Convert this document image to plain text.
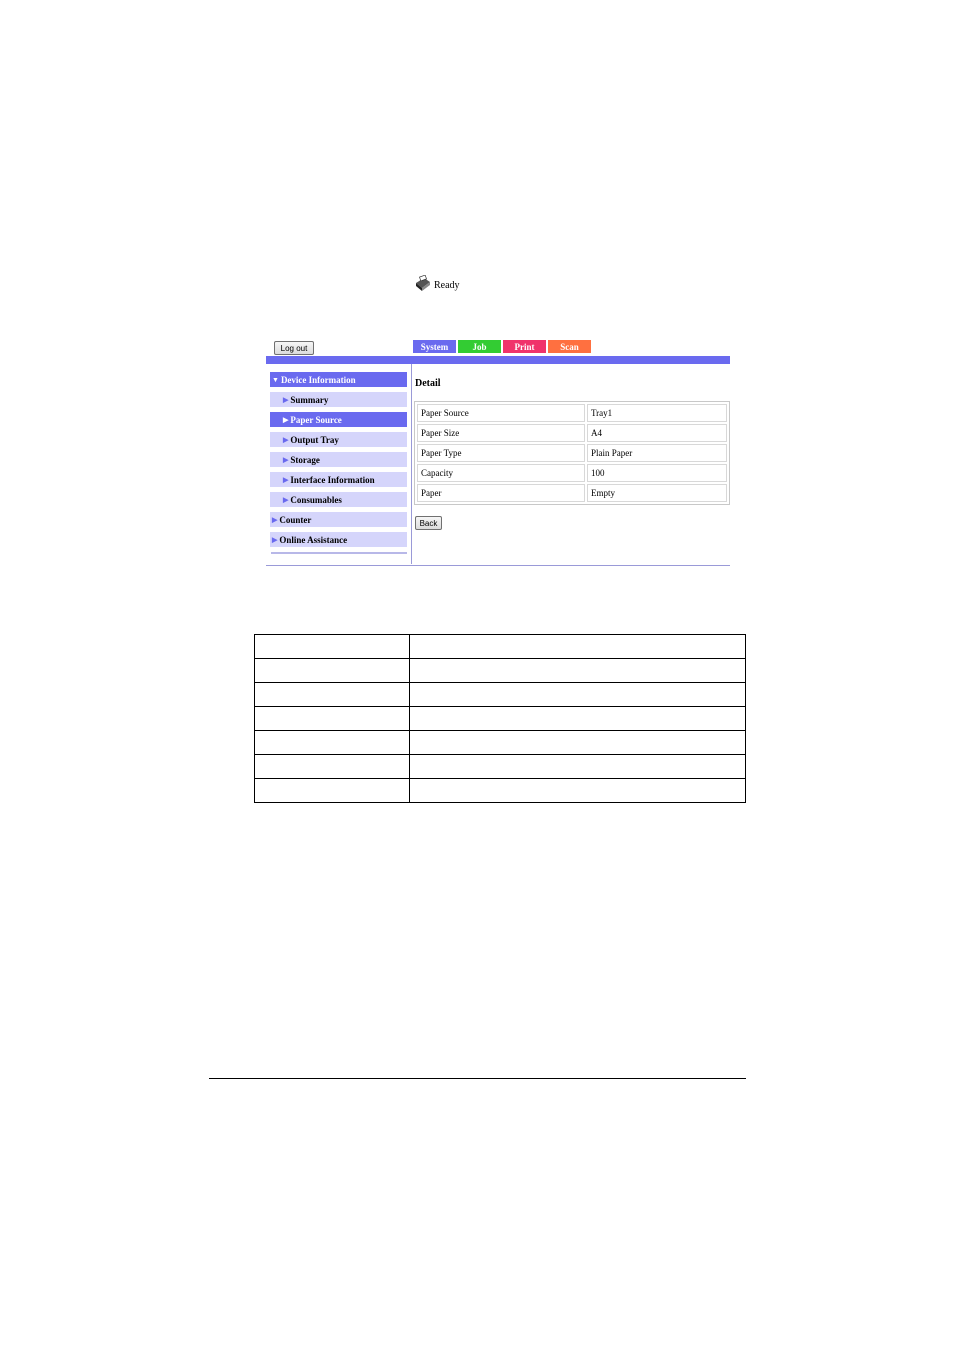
Ready
Log out	System	Job	Print	Scan
▼ Device Information
▶ Summary
▶ Paper Source
▶ Output Tray
▶ Storage
▶ Interface Information
▶ Consumables
▶ Counter
▶ Online Assistance
Detail
Paper Source	Tray1
Paper Size	A4
Paper Type	Plain Paper
Capacity	100
Paper	Empty
Back
